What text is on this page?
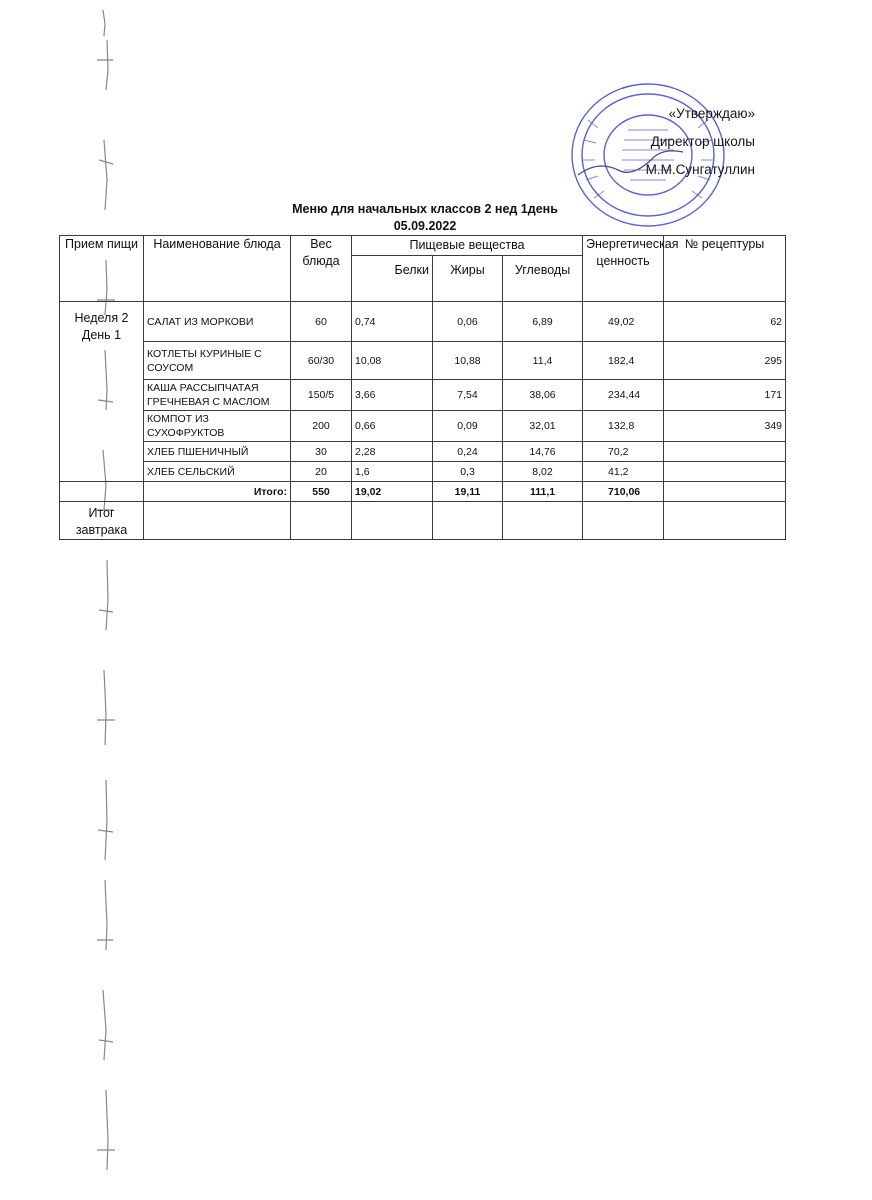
«Утверждаю»
Директор школы
М.М.Сунгатуллин
Меню для начальных классов 2 нед 1день
05.09.2022
Прием пищи	Наименование блюда	Вес блюда	Пищевые вещества			Энергетическая ценность	№ рецептуры
			Белки	Жиры	Углеводы		
Неделя 2 День 1	САЛАТ ИЗ МОРКОВИ	60	0,74	0,06	6,89	49,02	62
	КОТЛЕТЫ КУРИНЫЕ С СОУСОМ	60/30	10,08	10,88	11,4	182,4	295
	КАША РАССЫПЧАТАЯ ГРЕЧНЕВАЯ С МАСЛОМ	150/5	3,66	7,54	38,06	234,44	171
	КОМПОТ ИЗ СУХОФРУКТОВ	200	0,66	0,09	32,01	132,8	349
	ХЛЕБ ПШЕНИЧНЫЙ	30	2,28	0,24	14,76	70,2	
	ХЛЕБ СЕЛЬСКИЙ	20	1,6	0,3	8,02	41,2	
	Итого:	550	19,02	19,11	111,1	710,06	
Итог завтрака							
